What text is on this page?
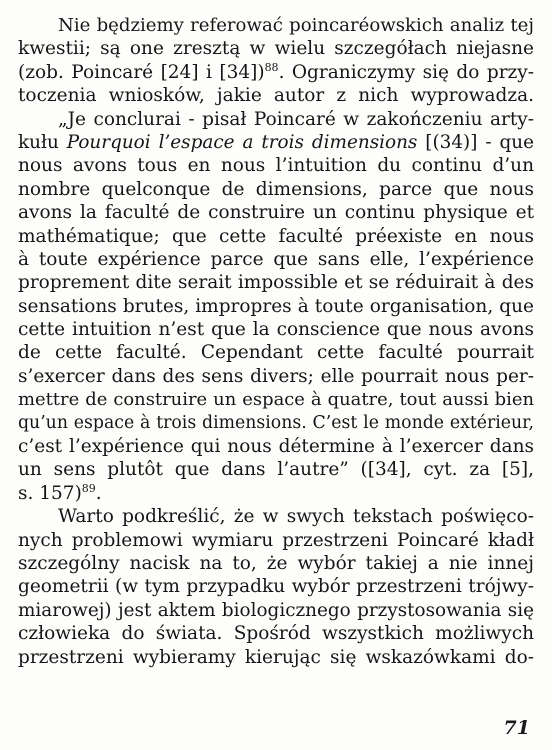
Nie będziemy referować poincaréowskich analiz tej
kwestii; są one zresztą w wielu szczegółach niejasne
(zob. Poincaré [24] i [34])$^{88}$. Ograniczymy się do przy-
toczenia wniosków, jakie autor z nich wyprowadza.
„Je conclurai - pisał Poincaré w zakończeniu arty-
kułu Pourquoi l’espace a trois dimensions [(34)] - que
nous avons tous en nous l’intuition du continu d’un
nombre quelconque de dimensions, parce que nous
avons la faculté de construire un continu physique et
mathématique; que cette faculté préexiste en nous
à toute expérience parce que sans elle, l’expérience
proprement dite serait impossible et se réduirait à des
sensations brutes, impropres à toute organisation, que
cette intuition n’est que la conscience que nous avons
de cette faculté. Cependant cette faculté pourrait
s’exercer dans des sens divers; elle pourrait nous per-
mettre de construire un espace à quatre, tout aussi bien
qu’un espace à trois dimensions. C’est le monde extérieur,
c’est l’expérience qui nous détermine à l’exercer dans
un sens plutôt que dans l’autre” ([34], cyt. za [5],
s. 157)$^{89}$.
Warto podkreślić, że w swych tekstach poświęco-
nych problemowi wymiaru przestrzeni Poincaré kładł
szczególny nacisk na to, że wybór takiej a nie innej
geometrii (w tym przypadku wybór przestrzeni trójwy-
miarowej) jest aktem biologicznego przystosowania się
człowieka do świata. Spośród wszystkich możliwych
przestrzeni wybieramy kierując się wskazówkami do-
71
